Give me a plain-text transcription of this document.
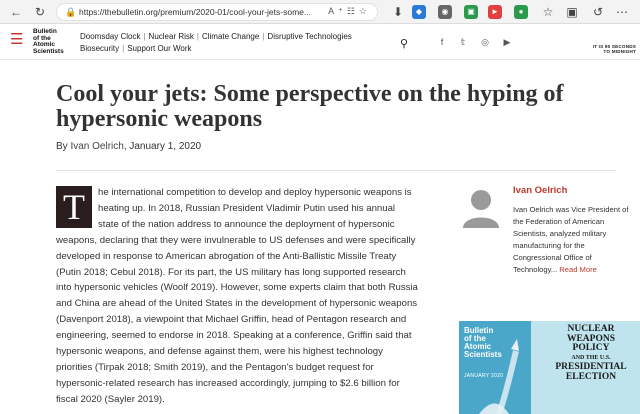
← ↻	🔒 https://thebulletin.org/premium/2020-01/cool-your-jets-some...	A⁺☷☆ ⬇	◆	◉	▣	►	●	☆ ▣ ↺ ⋯
☰ Bulletin
of the
Atomic
Scientists
Doomsday Clock | Nuclear Risk | Climate Change | Disruptive Technologies
Biosecurity | Support Our Work	⚲	f	𝕥	◎ ▶	IT IS 90 SECONDS
TO MIDNIGHT
Cool your jets: Some perspective on the hyping of hypersonic weapons
By Ivan Oelrich, January 1, 2020
T	he international competition to develop and deploy hypersonic weapons is heating up. In 2018, Russian President Vladimir Putin used his annual state of the nation address to announce the deployment of hypersonic weapons, declaring that they were invulnerable to US defenses and were specifically developed in response to American abrogation of the Anti-Ballistic Missile Treaty (Putin 2018; Cebul 2018). For its part, the US military has long supported research into hypersonic vehicles (Woolf 2019). However, some experts claim that both Russia and China are ahead of the United States in the development of hypersonic weapons (Davenport 2018), a viewpoint that Michael Griffin, head of Pentagon research and engineering, seemed to endorse in 2018. Speaking at a conference, Griffin said that hypersonic weapons, and defense against them, were his highest technology priorities (Tirpak 2018; Smith 2019), and the Pentagon's budget request for hypersonic-related research has increased accordingly, jumping to $2.6 billion for fiscal 2020 (Sayler 2019).
Ivan Oelrich
Ivan Oelrich was Vice President of the Federation of American Scientists, analyzed military manufacturing for the Congressional Office of Technology... Read More
Bulletin
of the
Atomic
Scientists
JANUARY 2020
NUCLEAR
WEAPONS
POLICY
AND THE U.S.
PRESIDENTIAL
ELECTION
